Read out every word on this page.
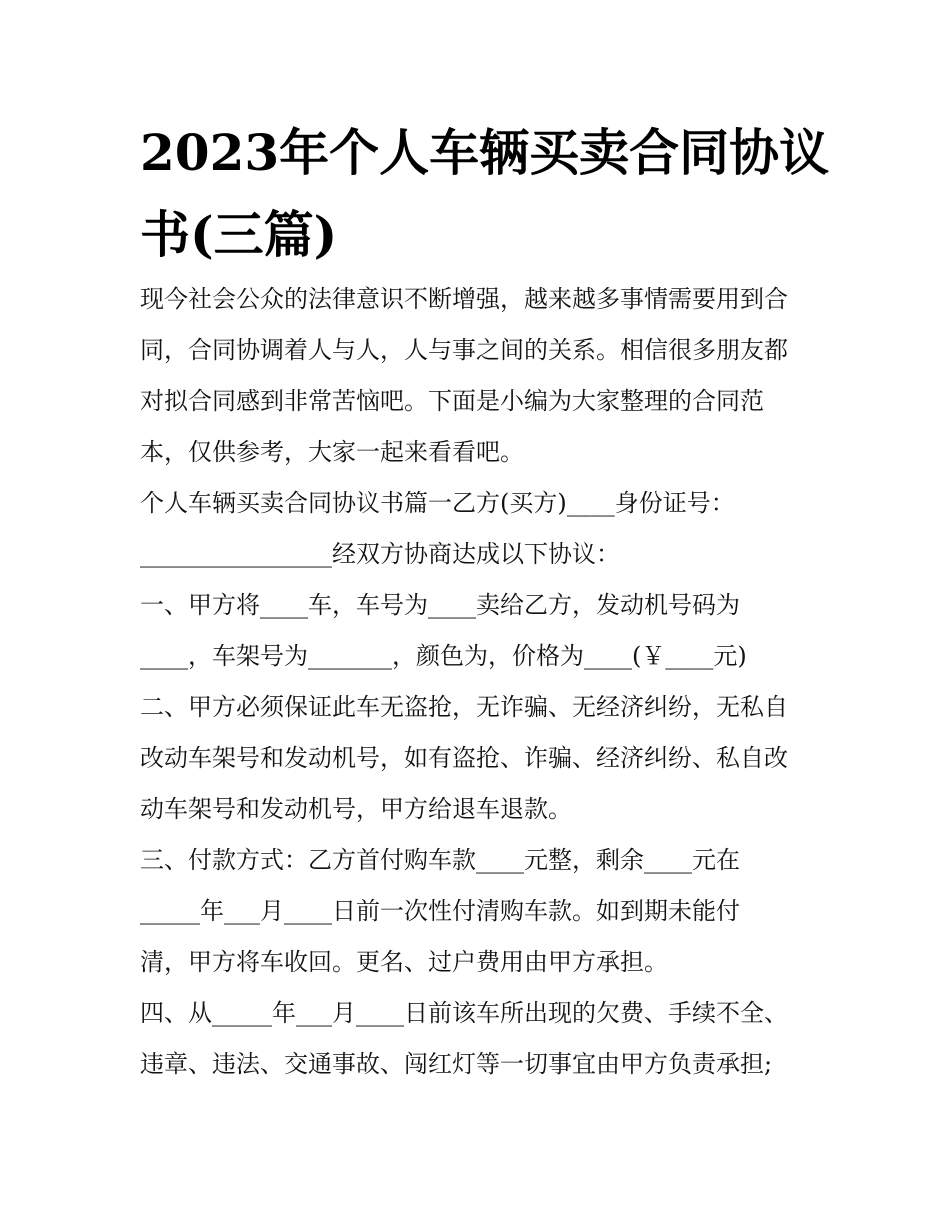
2023年个人车辆买卖合同协议
书(三篇)
现今社会公众的法律意识不断增强，越来越多事情需要用到合
同，合同协调着人与人，人与事之间的关系。相信很多朋友都
对拟合同感到非常苦恼吧。下面是小编为大家整理的合同范
本，仅供参考，大家一起来看看吧。
个人车辆买卖合同协议书篇一乙方(买方)____身份证号：
________________经双方协商达成以下协议：
一、甲方将____车，车号为____卖给乙方，发动机号码为
____，车架号为_______，颜色为，价格为____(￥____元)
二、甲方必须保证此车无盗抢，无诈骗、无经济纠纷，无私自
改动车架号和发动机号，如有盗抢、诈骗、经济纠纷、私自改
动车架号和发动机号，甲方给退车退款。
三、付款方式：乙方首付购车款____元整，剩余____元在
_____年___月____日前一次性付清购车款。如到期未能付
清，甲方将车收回。更名、过户费用由甲方承担。
四、从_____年___月____日前该车所出现的欠费、手续不全、
违章、违法、交通事故、闯红灯等一切事宜由甲方负责承担;
